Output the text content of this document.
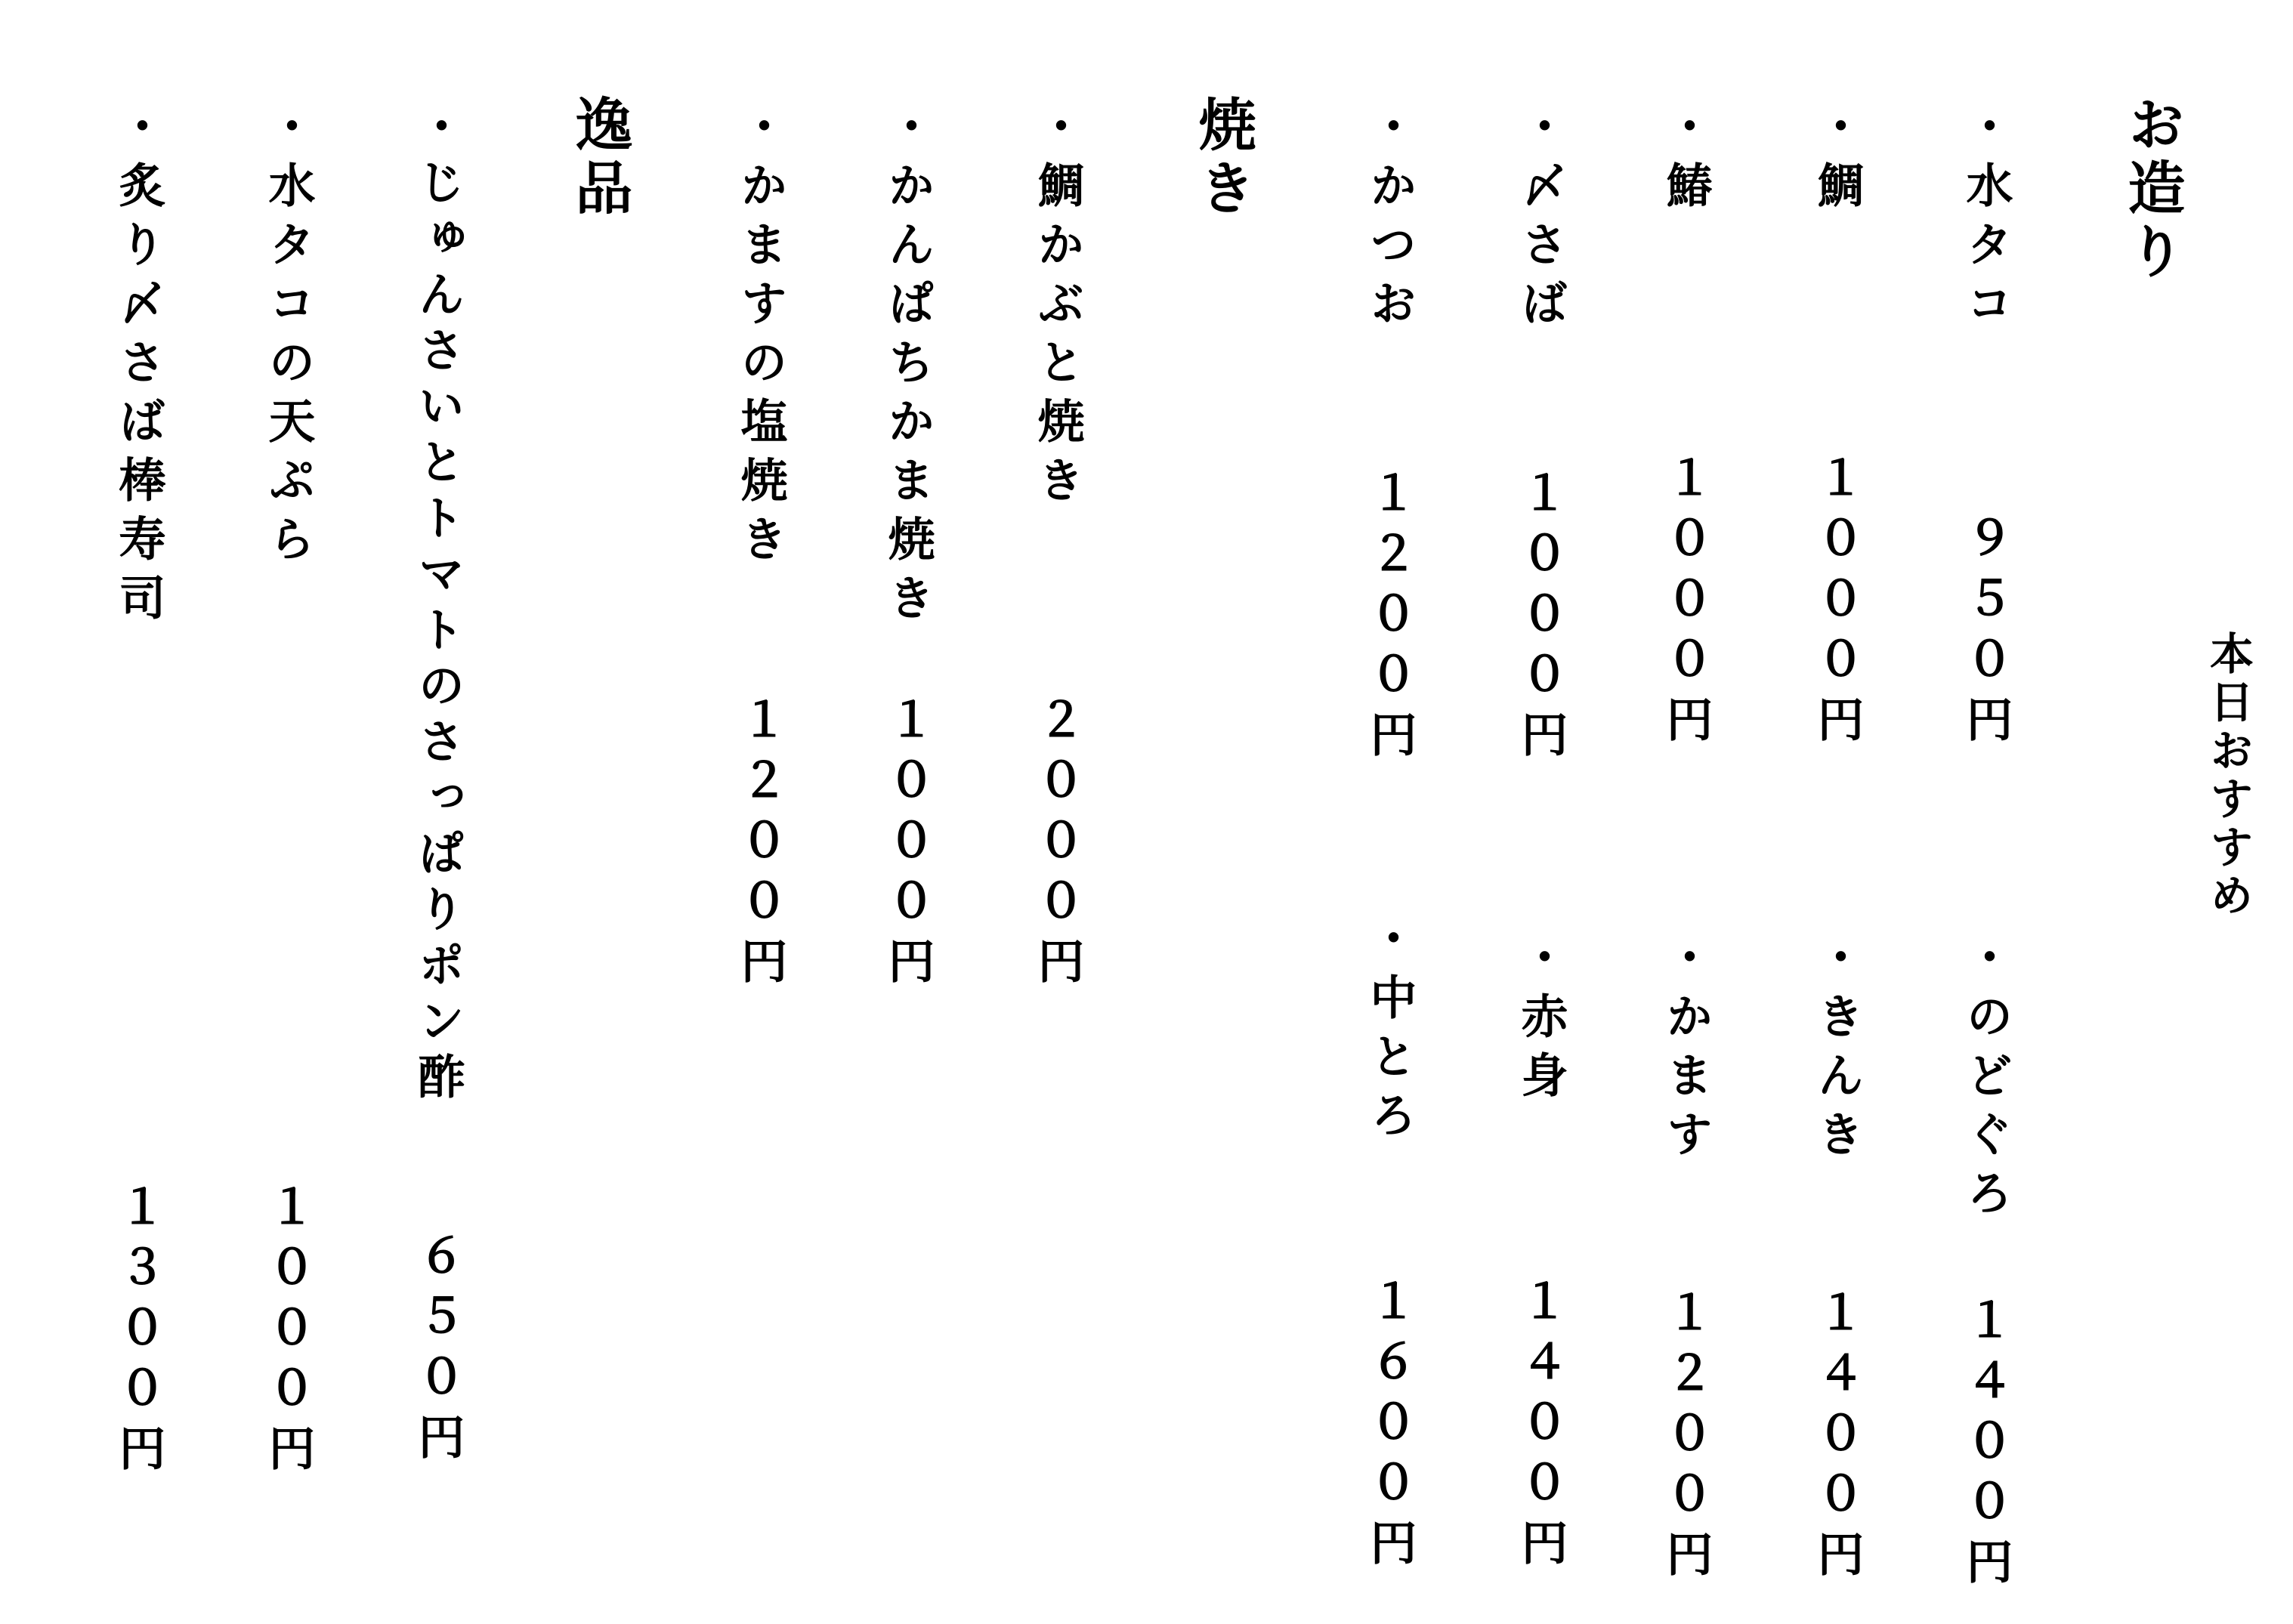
本日おすすめ
お造り
・水タコ
９５０円
・鯛
１０００円
・鰆
１０００円
・〆さば
１０００円
・かつお
１２００円
・のどぐろ
１４００円
・きんき
１４００円
・かます
１２００円
・赤身
１４００円
・中とろ
１６００円
焼き
・鯛かぶと焼き
２０００円
・かんぱちかま焼き
１０００円
・かますの塩焼き
１２００円
逸品
・じゅんさいとトマトのさっぱりポン酢
６５０円
・水タコの天ぷら
１０００円
・炙り〆さば棒寿司
１３００円
